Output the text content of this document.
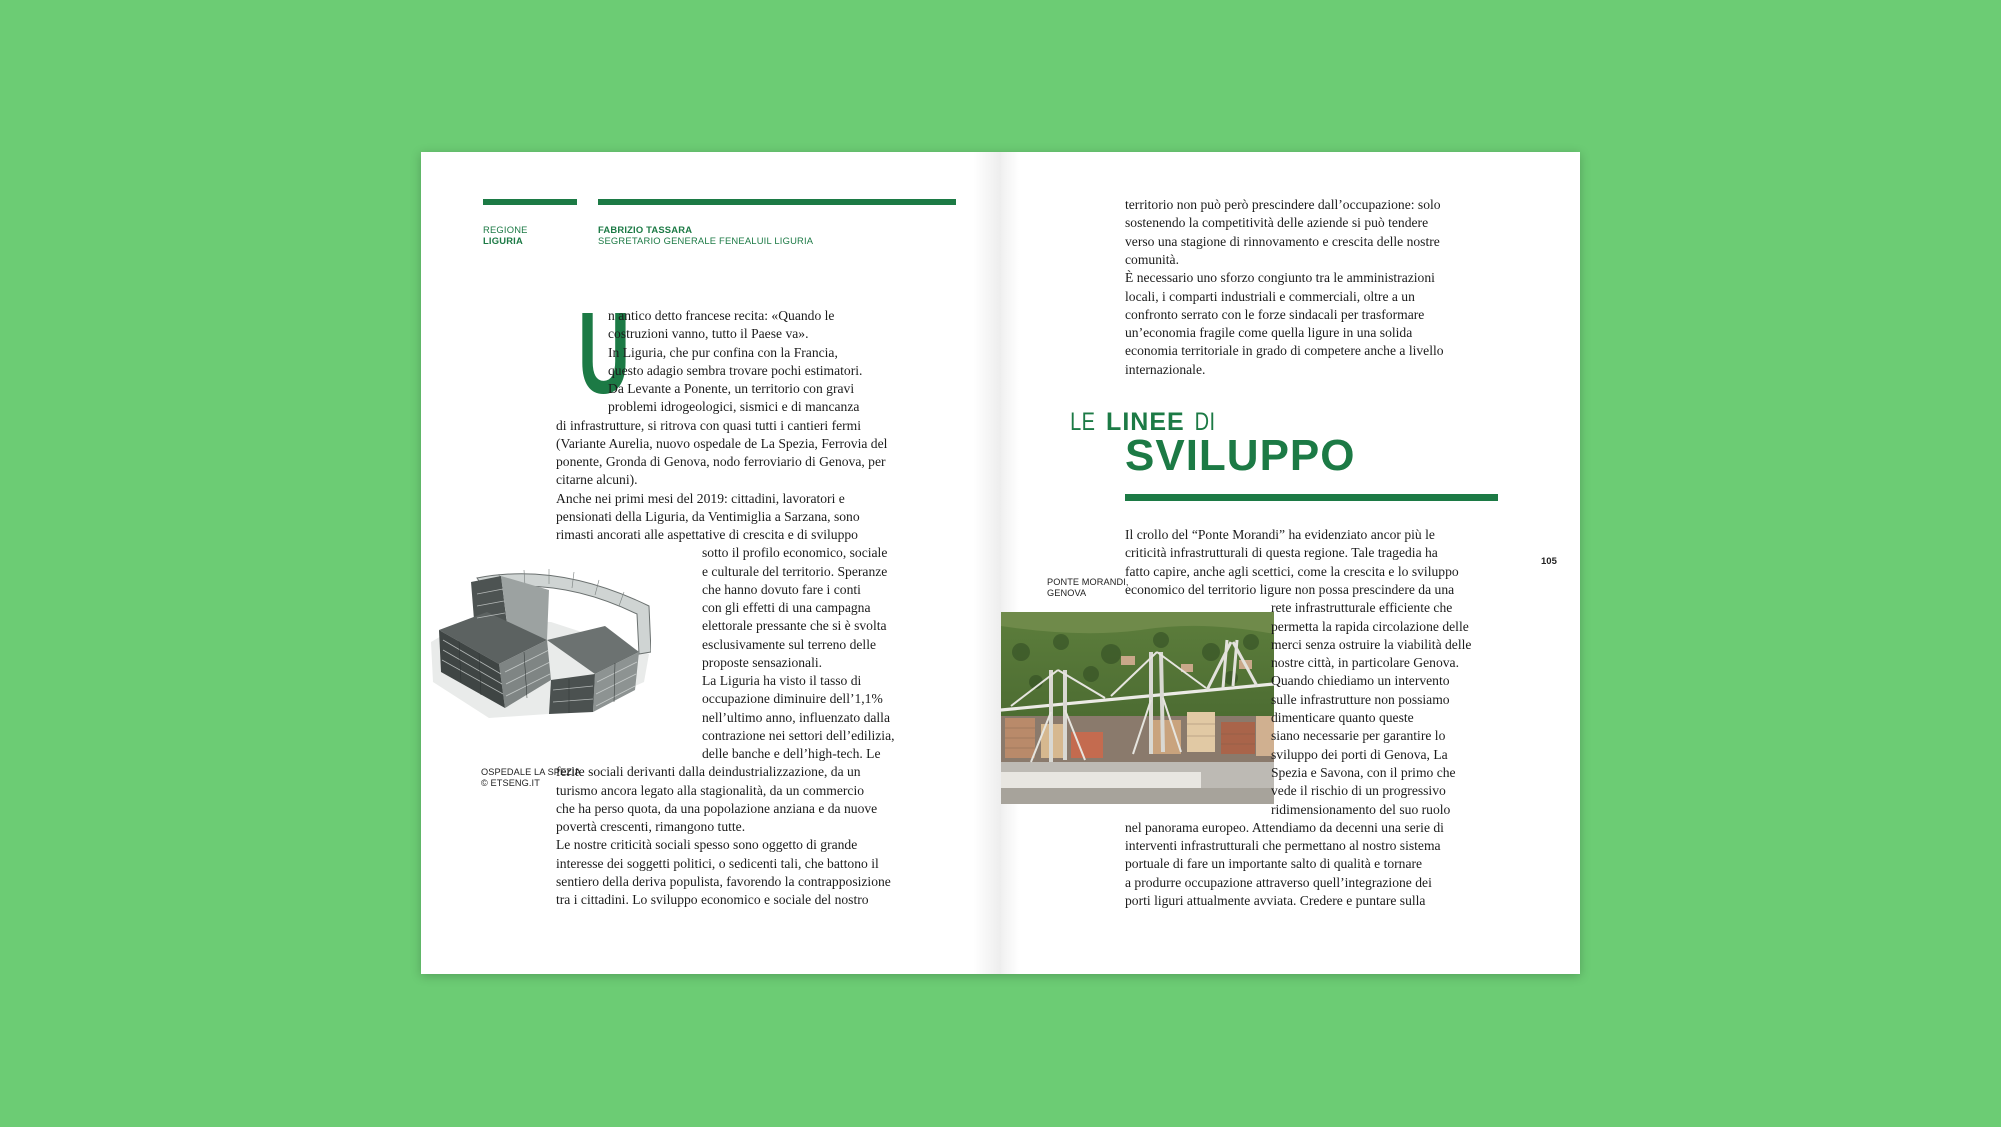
REGIONE
LIGURIA
FABRIZIO TASSARA
SEGRETARIO GENERALE FENEALUIL LIGURIA
U
n antico detto francese recita: «Quando le
costruzioni vanno, tutto il Paese va».
In Liguria, che pur confina con la Francia,
questo adagio sembra trovare pochi estimatori.
Da Levante a Ponente, un territorio con gravi
problemi idrogeologici, sismici e di mancanza
di infrastrutture, si ritrova con quasi tutti i cantieri fermi
(Variante Aurelia, nuovo ospedale de La Spezia, Ferrovia del
ponente, Gronda di Genova, nodo ferroviario di Genova, per
citarne alcuni).
Anche nei primi mesi del 2019: cittadini, lavoratori e
pensionati della Liguria, da Ventimiglia a Sarzana, sono
rimasti ancorati alle aspettative di crescita e di sviluppo
sotto il profilo economico, sociale
e culturale del territorio. Speranze
che hanno dovuto fare i conti
con gli effetti di una campagna
elettorale pressante che si è svolta
esclusivamente sul terreno delle
proposte sensazionali.
La Liguria ha visto il tasso di
occupazione diminuire dell’1,1%
nell’ultimo anno, influenzato dalla
contrazione nei settori dell’edilizia,
delle banche e dell’high-tech. Le
ferite sociali derivanti dalla deindustrializzazione, da un
turismo ancora legato alla stagionalità, da un commercio
che ha perso quota, da una popolazione anziana e da nuove
povertà crescenti, rimangono tutte.
Le nostre criticità sociali spesso sono oggetto di grande
interesse dei soggetti politici, o sedicenti tali, che battono il
sentiero della deriva populista, favorendo la contrapposizione
tra i cittadini. Lo sviluppo economico e sociale del nostro
OSPEDALE LA SPEZIA
© ETSENG.IT
territorio non può però prescindere dall’occupazione: solo
sostenendo la competitività delle aziende si può tendere
verso una stagione di rinnovamento e crescita delle nostre
comunità.
È necessario uno sforzo congiunto tra le amministrazioni
locali, i comparti industriali e commerciali, oltre a un
confronto serrato con le forze sindacali per trasformare
un’economia fragile come quella ligure in una solida
economia territoriale in grado di competere anche a livello
internazionale.
LE LINEE DI
SVILUPPO
PONTE MORANDI,
GENOVA
Il crollo del “Ponte Morandi” ha evidenziato ancor più le
criticità infrastrutturali di questa regione. Tale tragedia ha
fatto capire, anche agli scettici, come la crescita e lo sviluppo
economico del territorio ligure non possa prescindere da una
rete infrastrutturale efficiente che
permetta la rapida circolazione delle
merci senza ostruire la viabilità delle
nostre città, in particolare Genova.
Quando chiediamo un intervento
sulle infrastrutture non possiamo
dimenticare quanto queste
siano necessarie per garantire lo
sviluppo dei porti di Genova, La
Spezia e Savona, con il primo che
vede il rischio di un progressivo
ridimensionamento del suo ruolo
nel panorama europeo. Attendiamo da decenni una serie di
interventi infrastrutturali che permettano al nostro sistema
portuale di fare un importante salto di qualità e tornare
a produrre occupazione attraverso quell’integrazione dei
porti liguri attualmente avviata. Credere e puntare sulla
105
